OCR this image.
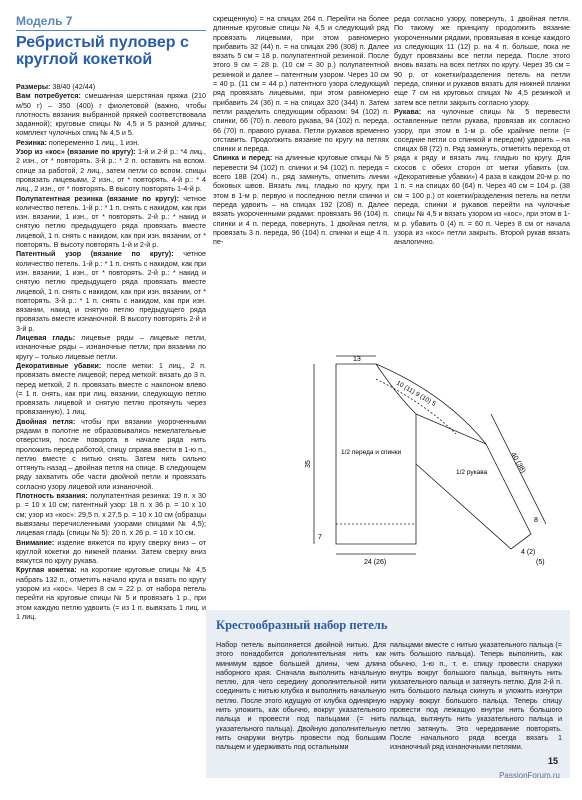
Модель 7
Ребристый пуловер с круглой кокеткой

Размеры: 38/40 (42/44)

Вам потребуется: смешанная шерстяная пряжа (210 м/50 г) – 350 (400) г фиолетовой (важно, чтобы плотность вязания выбранной пряжей соответствовала заданной); круговые спицы № 4,5 и 5 разной длины; комплект чулочных спиц № 4,5 и 5.

Резинка: попеременно 1 лиц., 1 изн.

Узор из «кос» (вязание по кругу): 1-й и 2-й р.: *4 лиц., 2 изн., от * повторять. 3-й р.: * 2 п. оставить на вспом. спице за работой, 2 лиц., затем петли со вспом. спицы провязать лицевыми, 2 изн., от * повторять. 4-й р.: * 4 лиц., 2 изн., от * повторять. В высоту повторять 1-4-й р.

Полупатентная резинка (вязание по кругу): четное количество петель. 1-й р.: * 1 п. снять с накидом, как при изн. вязании, 1 изн., от * повторять. 2-й р.: * накид и снятую петлю предыдущего ряда провязать вместе лицевой, 1 п. снять с накидом, как при изн. вязании, от * повторять. В высоту повторять 1-й и 2-й р.

Патентный узор (вязание по кругу): четное количество петель. 1-й р.: * 1 п. снять с накидом, как при изн. вязании, 1 изн., от * повторять. 2-й р.: * накид и снятую петлю предыдущего ряда провязать вместе лицевой, 1 п. снять с накидом, как при изн. вязании, от * повторять. 3-й р.: * 1 п. снять с накидом, как при изн. вязании, накид и снятую петлю предыдущего ряда провязать вместе изнаночной. В высоту повторять 2-й и 3-й р.

Лицевая гладь: лицевые ряды – лицевые петли, изнаночные ряды – изнаночные петли; при вязании по кругу – только лицевые петли.

Декоративные убавки: после метки: 1 лиц., 2 п. провязать вместе лицевой; перед меткой: вязать до 3 п. перед меткой, 2 п. провязать вместе с наклоном влево (= 1 п. снять, как при лиц. вязании, следующую петлю провязать лицевой и снятую петлю протянуть через провязанную), 1 лиц.

Двойная петля: чтобы при вязании укороченными рядами в полотне не образовывались нежелательные отверстия, после поворота в начале ряда нить проложить перед работой, спицу справа ввести в 1-ю п., петлю вместе с нитью снять. Затем нить сильно оттянуть назад – двойная петля на спице. В следующем ряду захватить обе части двойной петли и провязать согласно узору лицевой или изнаночной.

Плотность вязания: полупатентная резинка: 19 п. х 30 р. = 10 х 10 см; патентный узор: 18 п. х 36 р. = 10 х 10 см; узор из «кос»: 29,5 п. х 27,5 р. = 10 х 10 см (образцы вывязаны перечисленными узорами спицами № 4,5); лицевая гладь (спицы № 5): 20 п. х 26 р. = 10 х 10 см.

Внимание: изделие вяжется по кругу сверху вниз – от круглой кокетки до нижней планки. Затем сверху вниз вяжутся по кругу рукава.

Круглая кокетка: на короткие круговые спицы № 4,5 набрать 132 п., отметить начало круга и вязать по кругу узором из «кос». Через 8 см = 22 р. от набора петель перейти на круговые спицы № 5 и провязать 1 р., при этом каждую петлю удвоить (= из 1 п. вывязать 1 лиц. и 1 лиц.

скрещенную) = на спицах 264 п. Перейти на более длинные круговые спицы № 4,5 и следующий ряд провязать лицевыми, при этом равномерно прибавить 32 (44) п. = на спицах 296 (308) п. Далее вязать 5 см = 18 р. полупатентной резинкой. После этого 9 см = 28 р. (10 см = 30 р.) полупатентной резинкой и далее – патентным узором. Через 10 см = 40 р. (11 см = 44 р.) патентного узора следующий ряд провязать лицевыми, при этом равномерно прибавить 24 (36) п. = на спицах 320 (344) п. Затем петли разделить следующим образом: 94 (102) п. спинки, 66 (70) п. левого рукава, 94 (102) п. переда, 66 (70) п. правого рукава. Петли рукавов временно отставить. Продолжить вязание по кругу на петлях спинки и переда.

Спинка и перед: на длинные круговые спицы № 5 перевести 94 (102) п. спинки и 94 (102) п. переда = всего 188 (204) п., ряд замкнуть, отметить линии боковых швов. Вязать лиц. гладью по кругу, при этом в 1-м р. первую и последнюю петли спинки и переда удвоить – на спицах 192 (208) п. Далее вязать укороченными рядами: провязать 96 (104) п. спинки и 4 п. переда, повернуть, 1 двойная петля, провязать 3 п. переда, 96 (104) п. спинки и еще 4 п. пе-

реда согласно узору, повернуть, 1 двойная петля. По такому же принципу продолжить вязание укороченными рядами, провязывая в конце каждого из следующих 11 (12) р. на 4 п. больше, пока не будут провязаны все петли переда. После этого вновь вязать на всех петлях по кругу. Через 35 см = 90 р. от кокетки/разделения петель на петли переда, спинки и рукавов вязать для нижней планки еще 7 см на круговых спицах № 4,5 резинкой и затем все петли закрыть согласно узору.

Рукава: на чулочные спицы № 5 перевести оставленные петли рукава, провязав их согласно узору, при этом в 1-м р. обе крайние петли (= соседние петли со спинкой и передом) удвоить – на спицах 68 (72) п. Ряд замкнуть, отметить переход от ряда к ряду и вязать лиц. гладью по кругу. Для скосов с обеих сторон от метки убавить (см. «Декоративные убавки») 4 раза в каждом 20-м р. по 1 п. = на спицах 60 (64) п. Через 40 см = 104 р. (38 см = 100 р.) от кокетки/разделения петель на петли переда, спинки и рукавов перейти на чулочные спицы № 4,5 и вязать узором из «кос», при этом в 1-м р. убавить 0 (4) п. = 60 п. Через 8 см от начала узора из «кос» петли закрыть. Второй рукав вязать аналогично.

13
35
7
24 (26)
1/2 переда и спинки
1/2 рукава	40 (38)
8
4 (2)
(5)
10 (11) 9 (10) 5
Крестообразный набор петель
Набор петель выполняется двойной нитью. Для этого понадобится дополнительная нить как минимум вдвое большей длины, чем длина наборного края. Сначала выполнить начальную петлю, для чего середину дополнительной нити соединить с нитью клубка и выполнить начальную петлю. После этого идущую от клубка одинарную нить уложить, как обычно, вокруг указательного пальца и провести под пальцами (= нить указательного пальца). Двойную дополнительную нить снаружи внутрь провести под большим пальцем и удерживать под остальными
пальцами вместе с нитью указательного пальца (= нить большого пальца). Теперь выполнить, как обычно, 1-ю п., т. е. спицу провести снаружи внутрь вокруг большого пальца, вытянуть нить указательного пальца и затянуть петлю. Для 2-й п. нить большого пальца скинуть и уложить изнутри наружу вокруг большого пальца. Теперь спицу провести под лежащую внутри нить большого пальца, вытянуть нить указательного пальца и петлю затянуть. Это чередование повторять. После начального ряда всегда вязать 1 изнаночный ряд изнаночными петлями.
15
PassionForum.ru
